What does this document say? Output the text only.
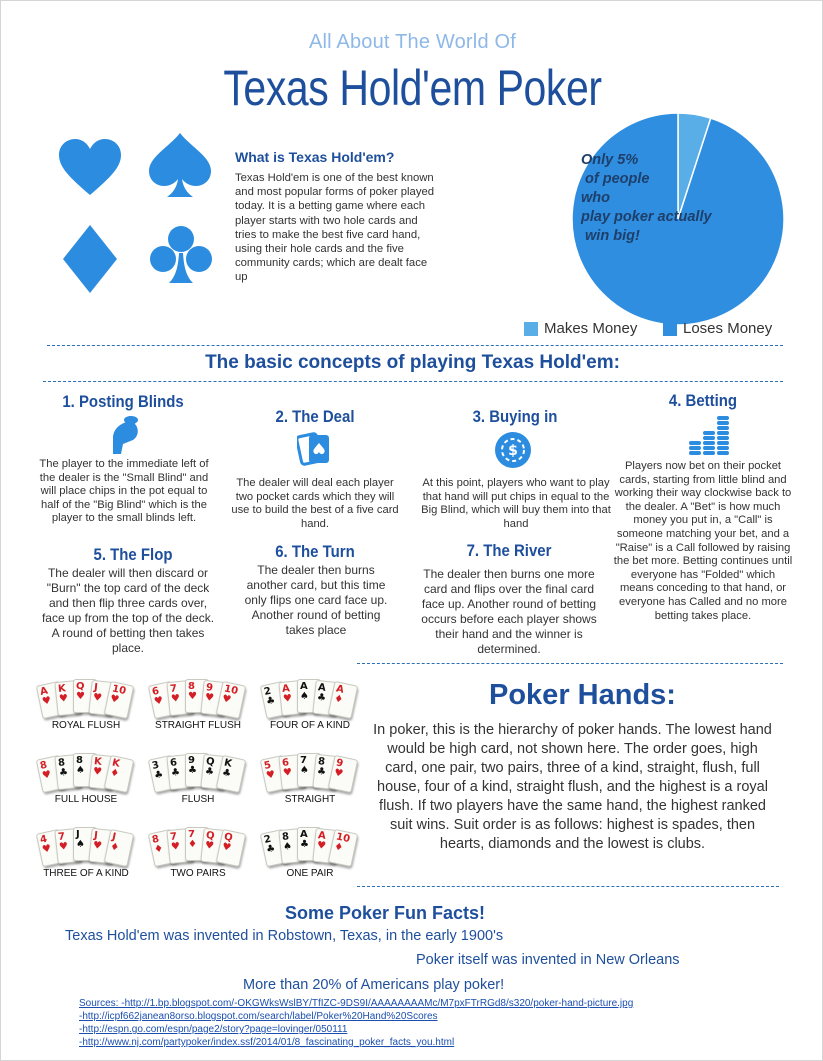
All About The World Of
Texas Hold'em Poker
What is Texas Hold'em?
Texas Hold'em is one of the best known and most popular forms of poker played today. It is a betting game where each player starts with two hole cards and tries to make the best five card hand, using their hole cards and the five community cards; which are dealt face up
Only 5%
of people
who
play poker actually
win big!
Makes Money	Loses Money
The basic concepts of playing Texas Hold'em:
1. Posting Blinds
The player to the immediate left of the dealer is the "Small Blind" and will place chips in the pot equal to half of the "Big Blind" which is the player to the small blinds left.
2. The Deal
The dealer will deal each player two pocket cards which they will use to build the best of a five card hand.
3. Buying in
$
At this point, players who want to play that hand will put chips in equal to the Big Blind, which will buy them into that hand
4. Betting
Players now bet on their pocket cards, starting from little blind and working their way clockwise back to the dealer. A "Bet" is how much money you put in, a "Call" is someone matching your bet, and a "Raise" is a Call followed by raising the bet more. Betting continues until everyone has "Folded" which means conceding to that hand, or everyone has Called and no more betting takes place.
5. The Flop
The dealer will then discard or "Burn" the top card of the deck and then flip three cards over, face up from the top of the deck. A round of betting then takes place.
6. The Turn
The dealer then burns another card, but this time only flips one card face up. Another round of betting takes place
7. The River
The dealer then burns one more card and flips over the final card face up. Another round of betting occurs before each player shows their hand and the winner is determined.
A
♥
K
♥
Q
♥
J
♥
10
♥
ROYAL FLUSH
6
♥
7
♥
8
♥
9
♥
10
♥
STRAIGHT FLUSH
2
♣
A
♥
A
♠
A
♣
A
♦
FOUR OF A KIND
8
♥
8
♣
8
♠
K
♥
K
♦
FULL HOUSE
3
♣
6
♣
9
♣
Q
♣
K
♣
FLUSH
5
♥
6
♥
7
♠
8
♣
9
♥
STRAIGHT
4
♥
7
♥
J
♠
J
♥
J
♦
THREE OF A KIND
8
♦
7
♥
7
♦
Q
♥
Q
♥
TWO PAIRS
2
♣
8
♠
A
♣
A
♥
10
♦
ONE PAIR
Poker Hands:
In poker, this is the hierarchy of poker hands. The lowest hand would be high card, not shown here. The order goes, high card, one pair, two pairs, three of a kind, straight, flush, full house, four of a kind, straight flush, and the highest is a royal flush. If two players have the same hand, the highest ranked suit wins. Suit order is as follows: highest is spades, then hearts, diamonds and the lowest is clubs.
Some Poker Fun Facts!
Texas Hold'em was invented in Robstown, Texas, in the early 1900's
Poker itself was invented in New Orleans
More than 20% of Americans play poker!
Sources: -http://1.bp.blogspot.com/-OKGWksWslBY/TfIZC-9DS9I/AAAAAAAAMc/M7pxFTrRGd8/s320/poker-hand-picture.jpg
-http://icpf662janean8orso.blogspot.com/search/label/Poker%20Hand%20Scores
-http://espn.go.com/espn/page2/story?page=lovinger/050111
-http://www.nj.com/partypoker/index.ssf/2014/01/8_fascinating_poker_facts_you.html
